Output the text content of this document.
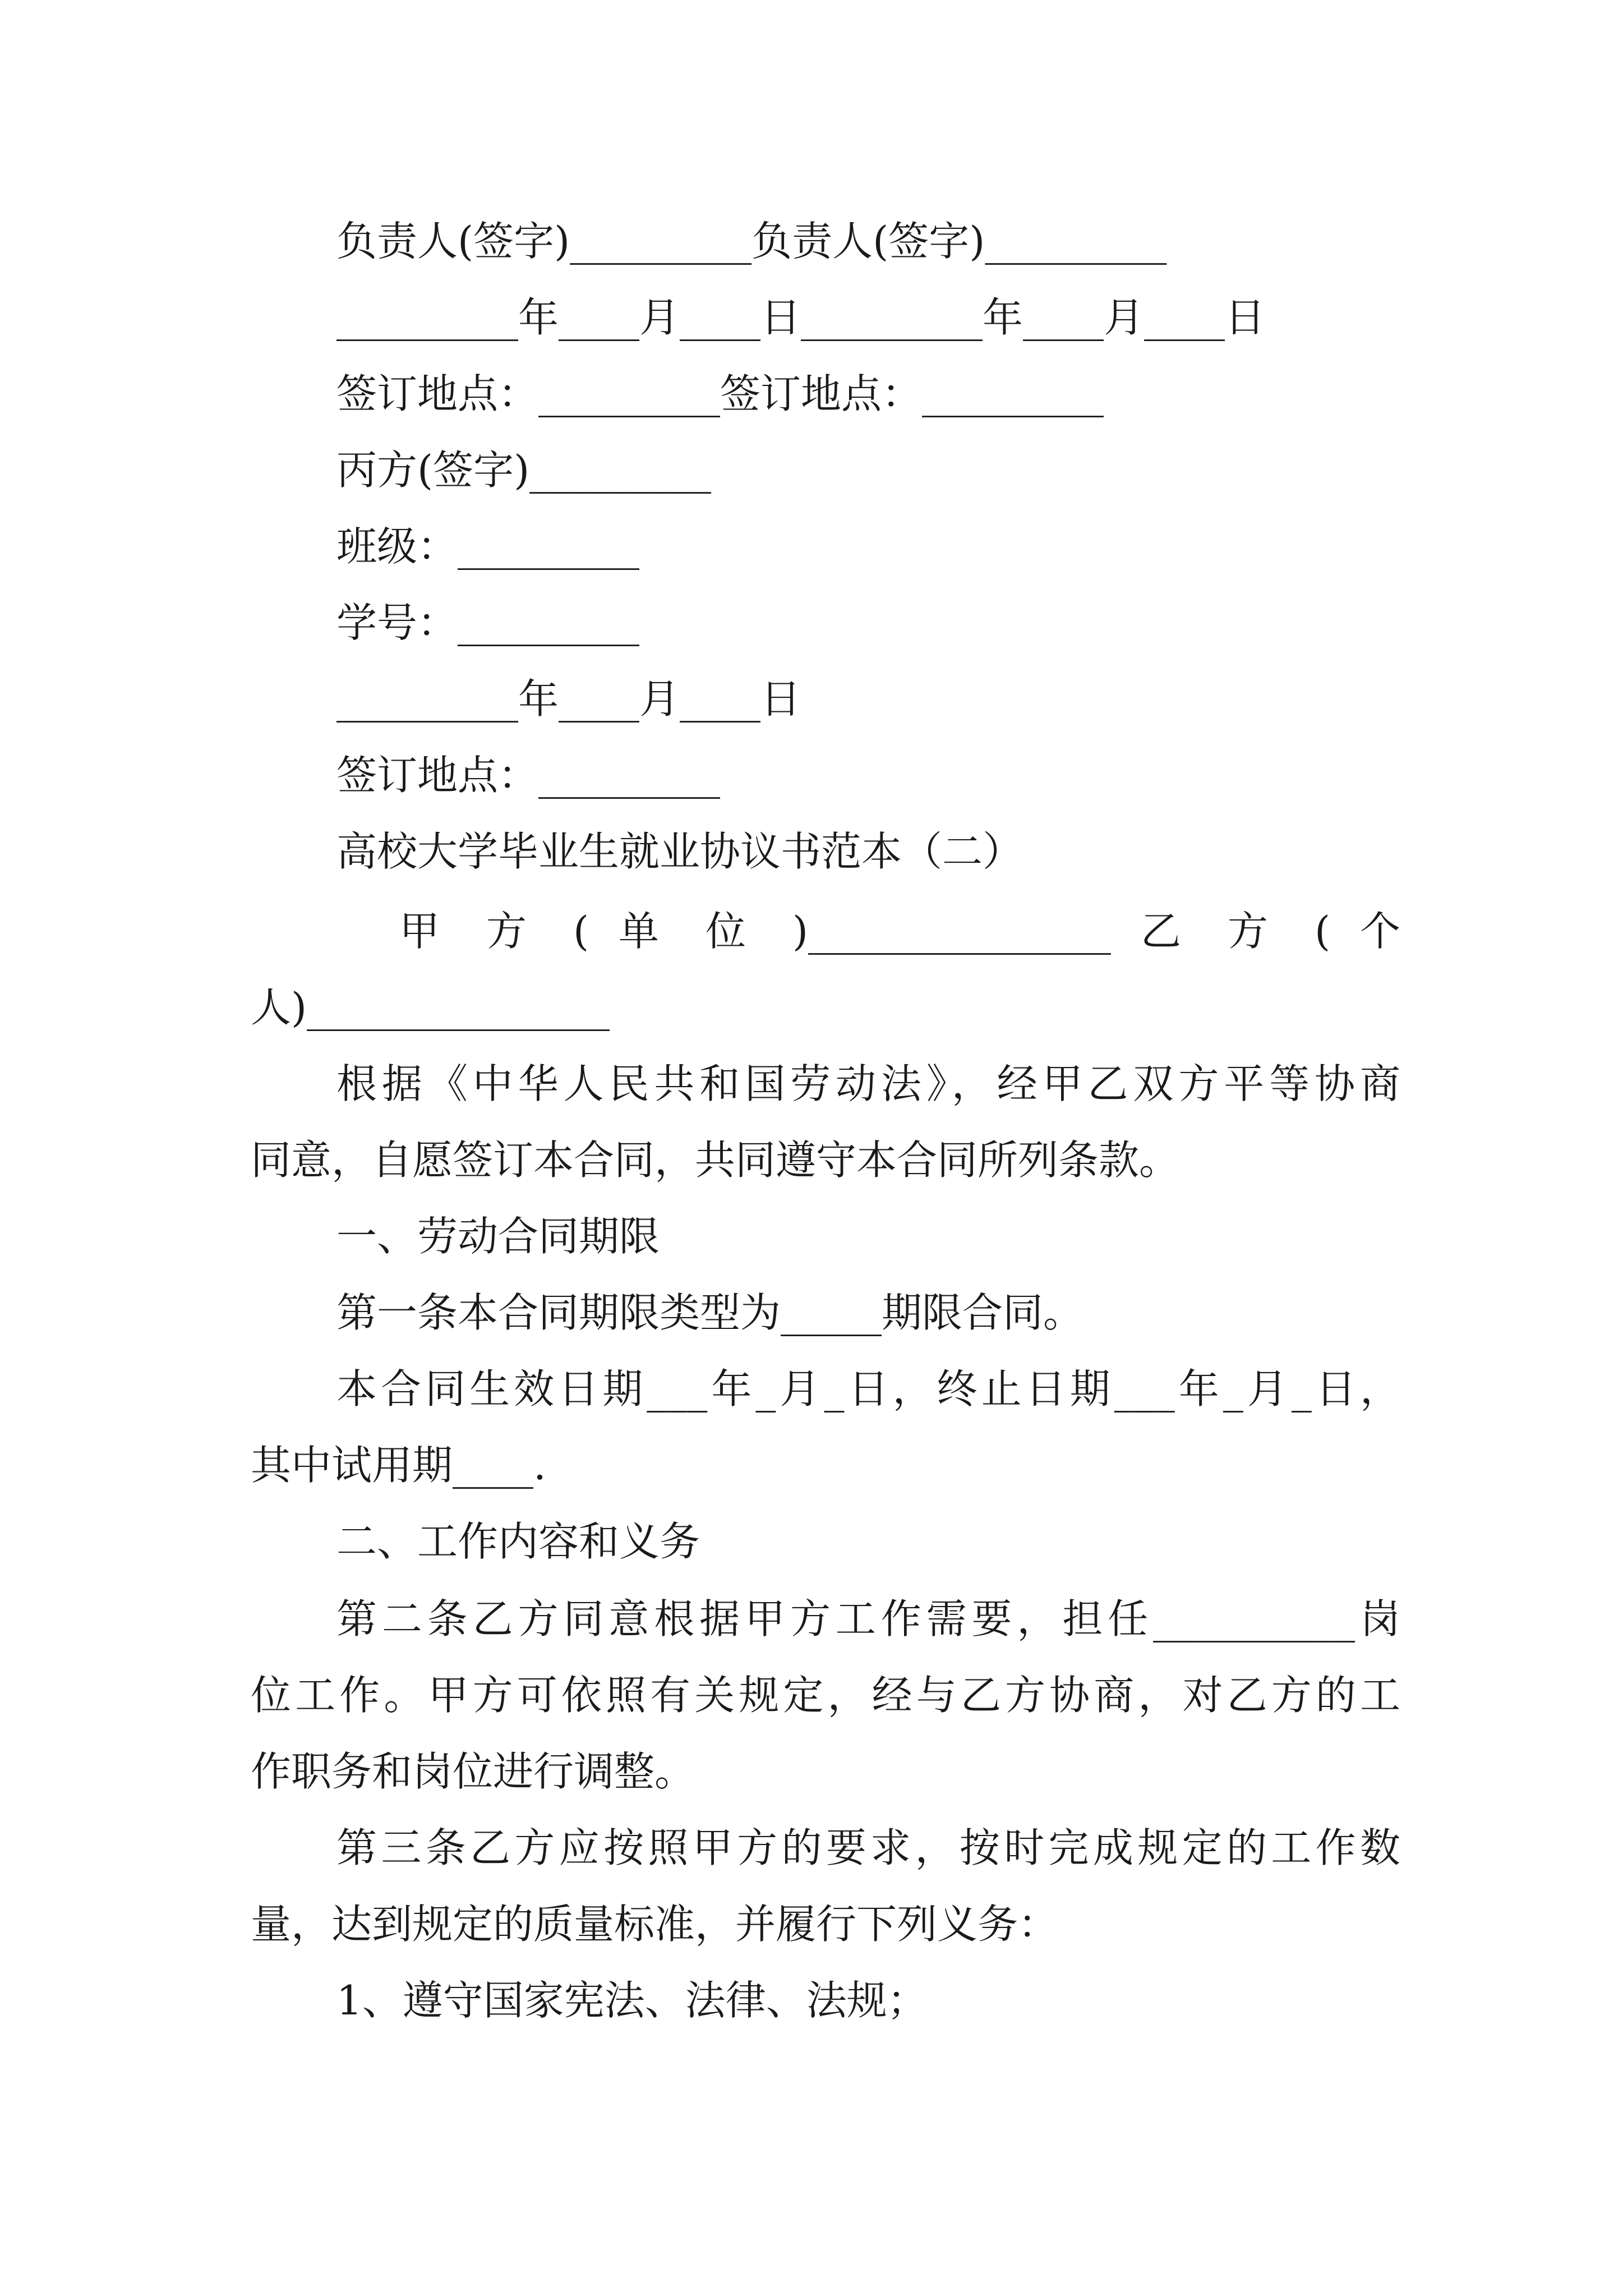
负责人(签字)_________负责人(签字)_________
_________年____月____日_________年____月____日
签订地点：_________签订地点：_________
丙方(签字)_________
班级：_________
学号：_________
_________年____月____日
签订地点：_________
高校大学毕业生就业协议书范本（二）
甲 方 ( 单 位 )_______________ 乙 方 ( 个
人)_______________
根据《中华人民共和国劳动法》，经甲乙双方平等协商
同意，自愿签订本合同，共同遵守本合同所列条款。
一、劳动合同期限
第一条本合同期限类型为_____期限合同。
本合同生效日期___年_月_日，终止日期___年_月_日，
其中试用期____.
二、工作内容和义务
第二条乙方同意根据甲方工作需要，担任__________岗
位工作。甲方可依照有关规定，经与乙方协商，对乙方的工
作职务和岗位进行调整。
第三条乙方应按照甲方的要求，按时完成规定的工作数
量，达到规定的质量标准，并履行下列义务：
1、遵守国家宪法、法律、法规；
